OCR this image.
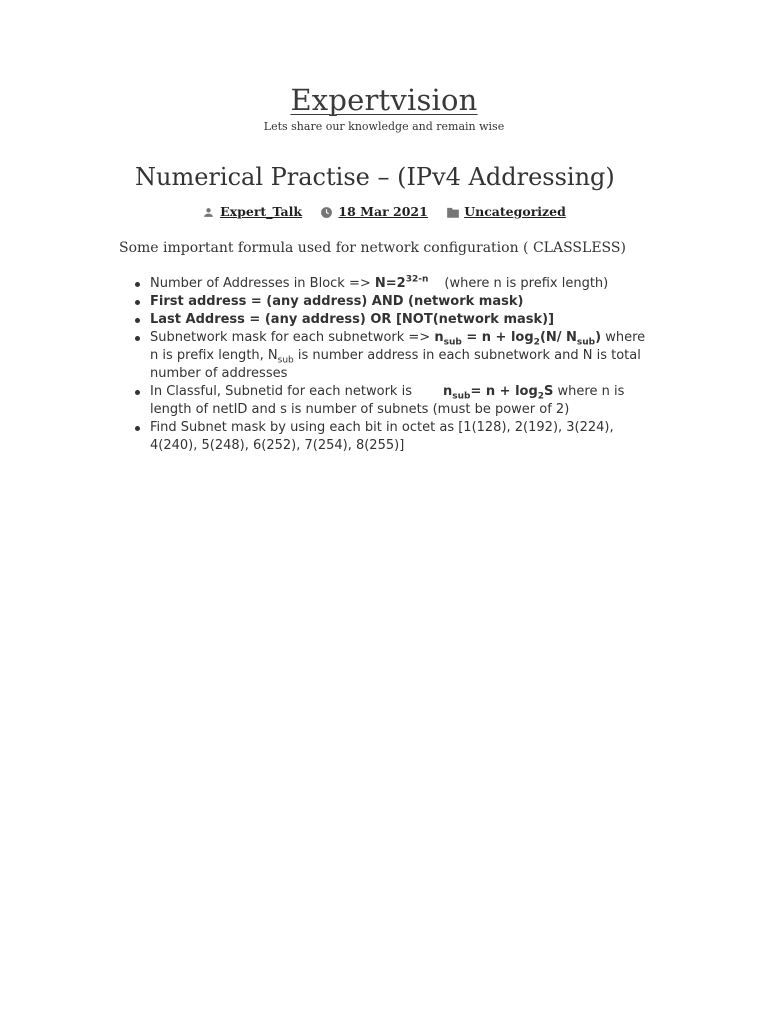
Expertvision
Lets share our knowledge and remain wise
Numerical Practise – (IPv4 Addressing)
Expert_Talk
	18 Mar 2021
	Uncategorized

Some important formula used for network configuration ( CLASSLESS)

Number of Addresses in Block => $N=2^{32-n}$ (where n is prefix length)
First address = (any address) AND (network mask)
Last Address = (any address) OR [NOT(network mask)]
Subnetwork mask for each subnetwork => $n_{sub} = n + \log_2(N/$ $N_{sub}$) where n is prefix length, $N_{sub}$ is number address in each subnetwork and N is total number of addresses
In Classful, Subnetid for each network is $n_{sub}= n + \log_2S$ where n is length of netID and s is number of subnets (must be power of 2)
Find Subnet mask by using each bit in octet as [1(128), 2(192), 3(224), 4(240), 5(248), 6(252), 7(254), 8(255)]
